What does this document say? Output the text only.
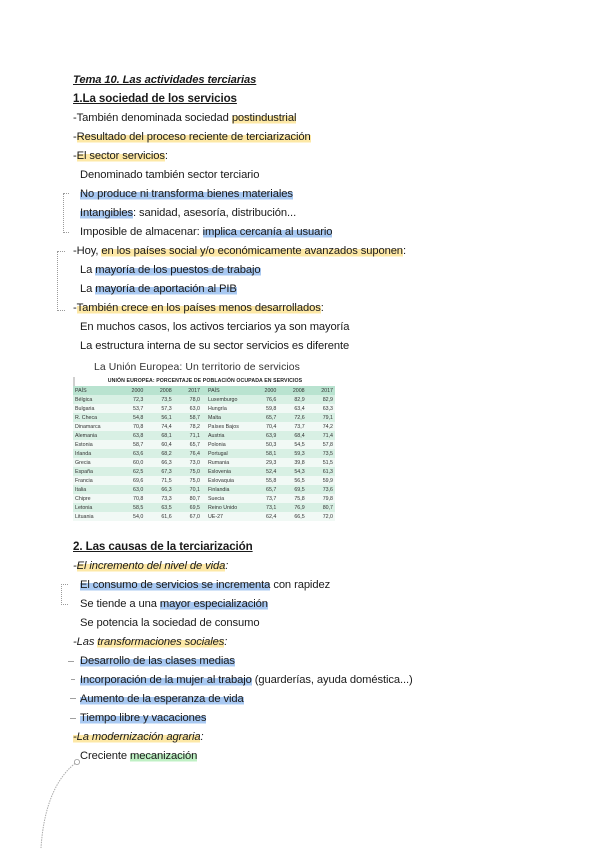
Tema 10. Las actividades terciarias
1.La sociedad de los servicios
-También denominada sociedad postindustrial
-Resultado del proceso reciente de terciarización
-El sector servicios:
Denominado también sector terciario
No produce ni transforma bienes materiales
Intangibles: sanidad, asesoría, distribución...
Imposible de almacenar: implica cercanía al usuario
-Hoy, en los países social y/o económicamente avanzados suponen:
La mayoría de los puestos de trabajo
La mayoría de aportación al PIB
-También crece en los países menos desarrollados:
En muchos casos, los activos terciarios ya son mayoría
La estructura interna de su sector servicios es diferente
La Unión Europea: Un territorio de servicios
UNIÓN EUROPEA: PORCENTAJE DE POBLACIÓN OCUPADA EN SERVICIOS
PAÍS	2000	2008	2017		PAÍS	2000	2008	2017
Bélgica	72,3	73,5	78,0		Luxemburgo	76,6	82,9	82,9
Bulgaria	53,7	57,3	63,0		Hungría	59,8	63,4	63,3
R. Checa	54,8	56,1	58,7		Malta	65,7	72,6	79,1
Dinamarca	70,8	74,4	78,2		Países Bajos	70,4	73,7	74,2
Alemania	63,8	68,1	71,1		Austria	63,9	68,4	71,4
Estonia	58,7	60,4	65,7		Polonia	50,3	54,5	57,8
Irlanda	63,6	68,2	76,4		Portugal	58,1	59,3	73,5
Grecia	60,0	66,3	73,0		Rumania	29,3	39,8	51,5
España	62,5	67,3	75,0		Eslovenia	52,4	54,3	61,3
Francia	69,6	71,5	75,0		Eslovaquia	55,8	56,5	59,9
Italia	63,0	66,3	70,1		Finlandia	65,7	69,5	73,6
Chipre	70,8	73,3	80,7		Suecia	73,7	75,8	79,8
Letonia	58,5	63,5	69,5		Reino Unido	73,1	76,9	80,7
Lituania	54,0	61,6	67,0		UE-27	62,4	66,5	72,0
2. Las causas de la terciarización
-El incremento del nivel de vida:
El consumo de servicios se incrementa con rapidez
Se tiende a una mayor especialización
Se potencia la sociedad de consumo
-Las transformaciones sociales:
Desarrollo de las clases medias
Incorporación de la mujer al trabajo (guarderías, ayuda doméstica...)
Aumento de la esperanza de vida
Tiempo libre y vacaciones
-La modernización agraria:
Creciente mecanización
